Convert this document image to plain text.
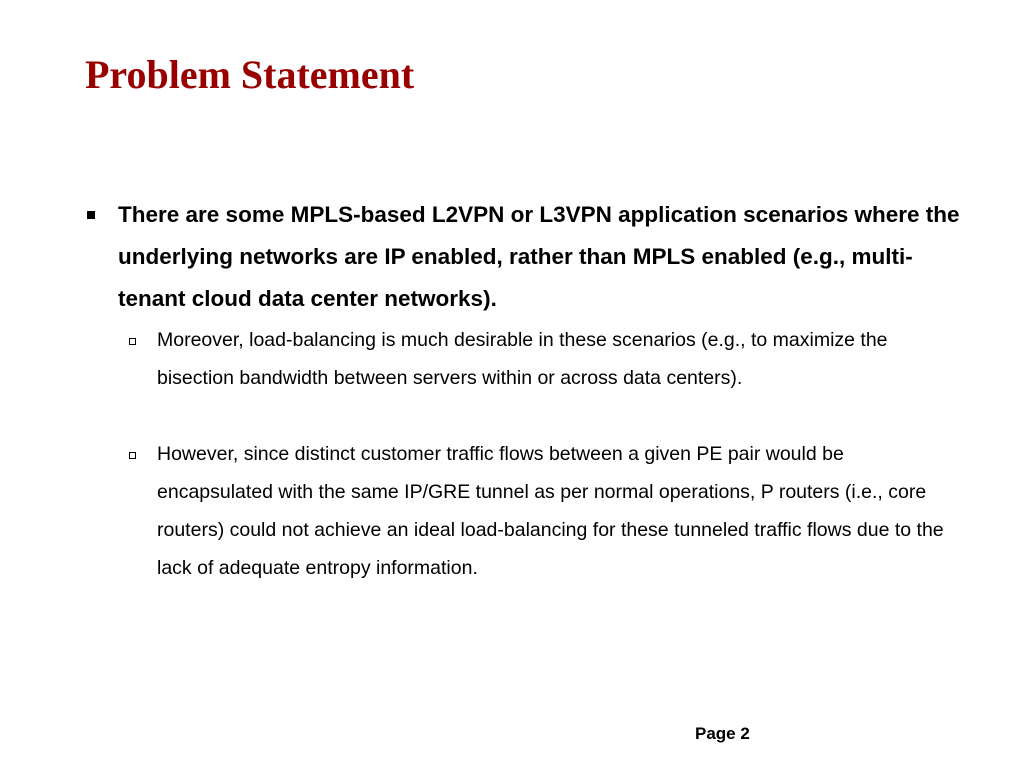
Problem Statement

There are some MPLS-based L2VPN or L3VPN application scenarios where the underlying networks are IP enabled, rather than MPLS enabled (e.g., multi-tenant cloud data center networks).

Moreover, load-balancing is much desirable in these scenarios (e.g., to maximize the bisection bandwidth between servers within or across data centers).

However, since distinct customer traffic flows between a given PE pair would be encapsulated with the same IP/GRE tunnel as per normal operations, P routers (i.e., core routers) could not achieve an ideal load-balancing for these tunneled traffic flows due to the lack of adequate entropy information.

Page 2
